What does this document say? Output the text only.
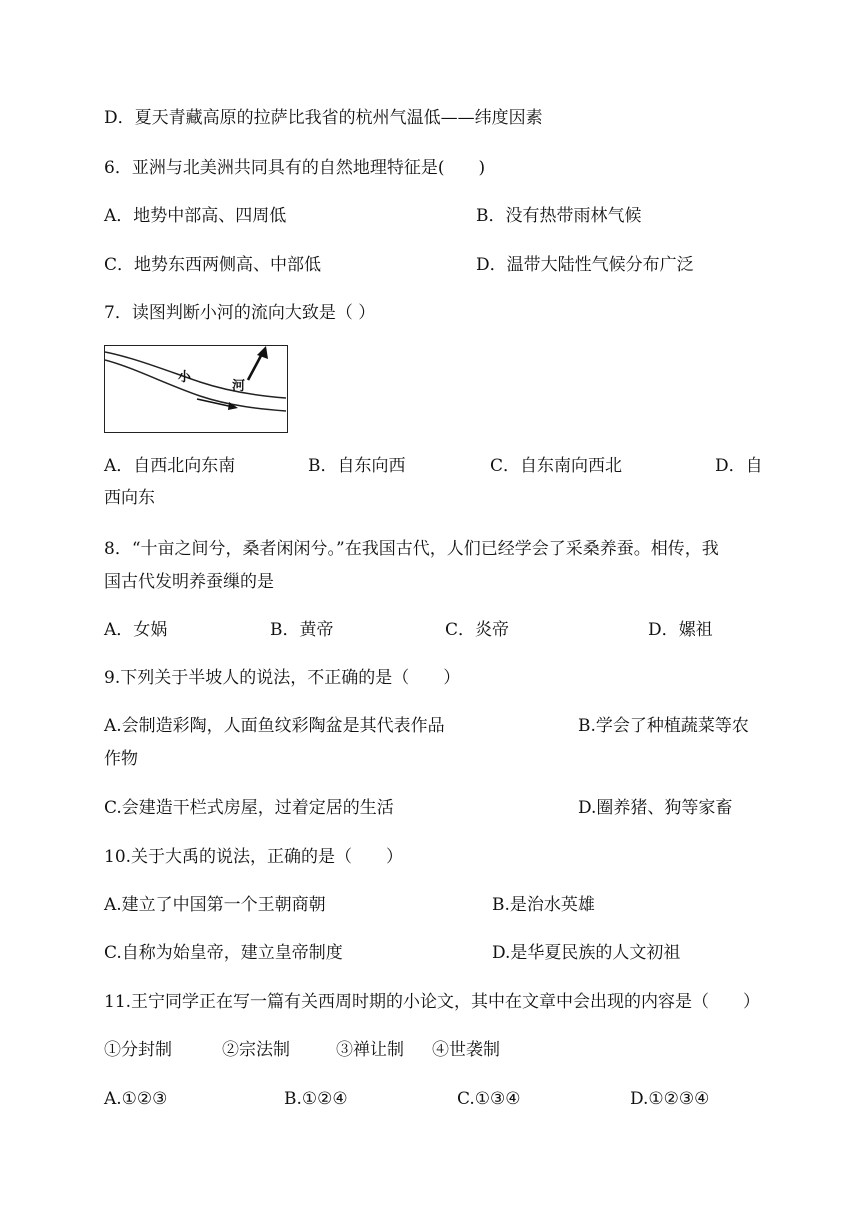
D．夏天青藏高原的拉萨比我省的杭州气温低——纬度因素
6．亚洲与北美洲共同具有的自然地理特征是(　　)
A．地势中部高、四周低	B．没有热带雨林气候
C．地势东西两侧高、中部低	D．温带大陆性气候分布广泛
7．读图判断小河的流向大致是（ ）
小
河
A．自西北向东南	B．自东向西	C．自东南向西北	D．自
西向东
8．“十亩之间兮，桑者闲闲兮。”在我国古代，人们已经学会了采桑养蚕。相传，我
国古代发明养蚕缫的是
A．女娲	B．黄帝	C．炎帝	D．嫘祖
9.下列关于半坡人的说法，不正确的是（　　）
A.会制造彩陶，人面鱼纹彩陶盆是其代表作品	B.学会了种植蔬菜等农
作物
C.会建造干栏式房屋，过着定居的生活	D.圈养猪、狗等家畜
10.关于大禹的说法，正确的是（　　）
A.建立了中国第一个王朝商朝	B.是治水英雄
C.自称为始皇帝，建立皇帝制度	D.是华夏民族的人文初祖
11.王宁同学正在写一篇有关西周时期的小论文，其中在文章中会出现的内容是（　　）
①分封制	②宗法制	③禅让制 ④世袭制
A.①②③	B.①②④	C.①③④	D.①②③④
